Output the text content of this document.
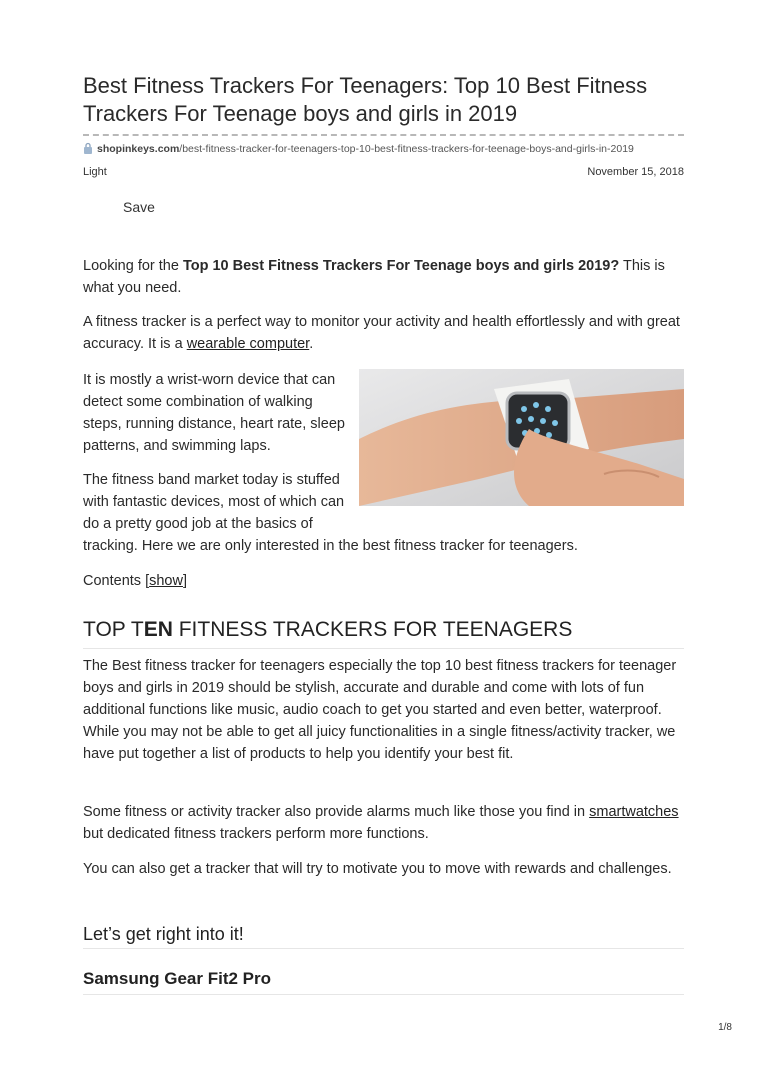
Best Fitness Trackers For Teenagers: Top 10 Best Fitness Trackers For Teenage boys and girls in 2019
shopinkeys.com/best-fitness-tracker-for-teenagers-top-10-best-fitness-trackers-for-teenage-boys-and-girls-in-2019
Light	November 15, 2018
Save

Looking for the Top 10 Best Fitness Trackers For Teenage boys and girls 2019? This is what you need.

A fitness tracker is a perfect way to monitor your activity and health effortlessly and with great accuracy. It is a wearable computer.

It is mostly a wrist-worn device that can detect some combination of walking steps, running distance, heart rate, sleep patterns, and swimming laps.

The fitness band market today is stuffed with fantastic devices, most of which can do a pretty good job at the basics of

tracking. Here we are only interested in the best fitness tracker for teenagers.

Contents [show]
TOP TEN FITNESS TRACKERS FOR TEENAGERS

The Best fitness tracker for teenagers especially the top 10 best fitness trackers for teenager boys and girls in 2019 should be stylish, accurate and durable and come with lots of fun additional functions like music, audio coach to get you started and even better, waterproof. While you may not be able to get all juicy functionalities in a single fitness/activity tracker, we have put together a list of products to help you identify your best fit.

Some fitness or activity tracker also provide alarms much like those you find in smartwatches but dedicated fitness trackers perform more functions.

You can also get a tracker that will try to motivate you to move with rewards and challenges.

Let’s get right into it!
Samsung Gear Fit2 Pro
1/8
